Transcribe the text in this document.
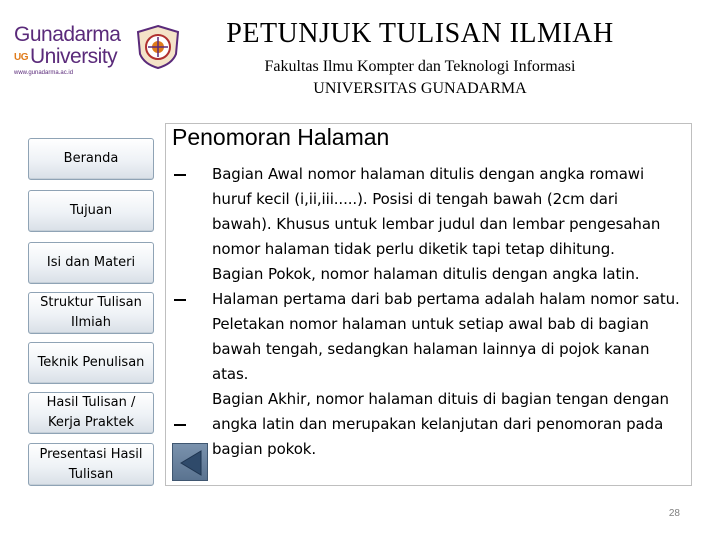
Gunadarma
UGUniversity
www.gunadarma.ac.id
PETUNJUK TULISAN ILMIAH
Fakultas Ilmu Kompter dan Teknologi Informasi
UNIVERSITAS GUNADARMA
Beranda
Tujuan
Isi dan Materi
Struktur Tulisan Ilmiah
Teknik Penulisan
Hasil Tulisan / Kerja Praktek
Presentasi Hasil Tulisan
Penomoran Halaman
Bagian Awal nomor halaman ditulis dengan angka romawi huruf kecil (i,ii,iii.....). Posisi di tengah bawah (2cm dari bawah). Khusus untuk lembar judul dan lembar pengesahan nomor halaman tidak perlu diketik tapi tetap dihitung.
Bagian Pokok, nomor halaman ditulis dengan angka latin. Halaman pertama dari bab pertama adalah halam nomor satu. Peletakan nomor halaman untuk setiap awal bab di bagian bawah tengah, sedangkan halaman lainnya di pojok kanan atas.
Bagian Akhir, nomor halaman dituis di bagian tengan dengan angka latin dan merupakan kelanjutan dari penomoran pada bagian pokok.
28
